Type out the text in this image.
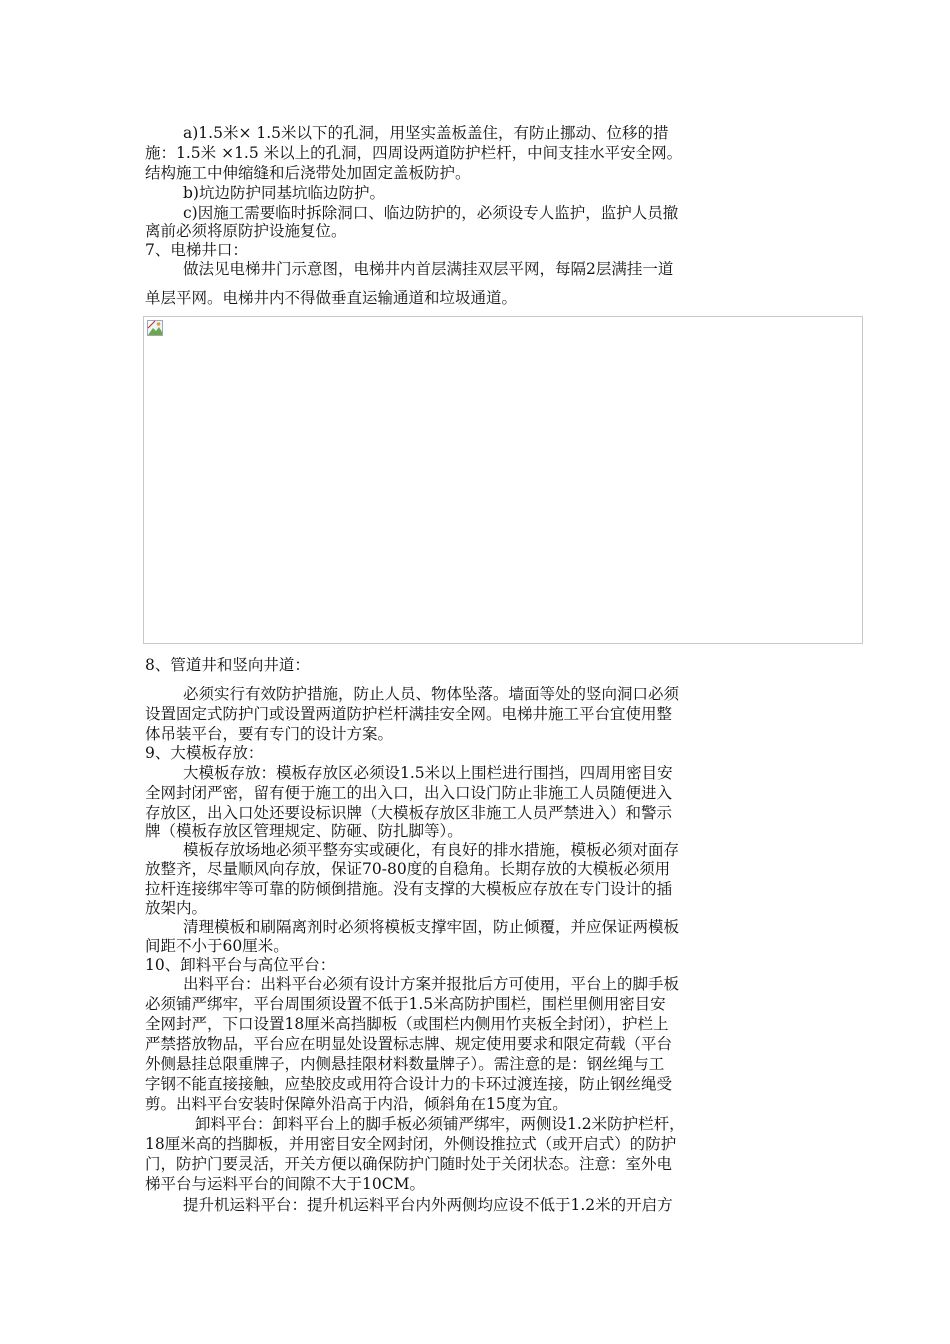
a)1.5米× 1.5米以下的孔洞，用坚实盖板盖住，有防止挪动、位移的措
施：1.5米 ×1.5 米以上的孔洞，四周设两道防护栏杆，中间支挂水平安全网。
结构施工中伸缩缝和后浇带处加固定盖板防护。
b)坑边防护同基坑临边防护。
c)因施工需要临时拆除洞口、临边防护的，必须设专人监护，监护人员撤
离前必须将原防护设施复位。
7、电梯井口：
做法见电梯井门示意图，电梯井内首层满挂双层平网，每隔2层满挂一道
单层平网。电梯井内不得做垂直运输通道和垃圾通道。
8、管道井和竖向井道：
必须实行有效防护措施，防止人员、物体坠落。墙面等处的竖向洞口必须
设置固定式防护门或设置两道防护栏杆满挂安全网。电梯井施工平台宜使用整
体吊装平台，要有专门的设计方案。
9、大模板存放：
大模板存放：模板存放区必须设1.5米以上围栏进行围挡，四周用密目安
全网封闭严密，留有便于施工的出入口，出入口设门防止非施工人员随便进入
存放区，出入口处还要设标识牌（大模板存放区非施工人员严禁进入）和警示
牌（模板存放区管理规定、防砸、防扎脚等）。
模板存放场地必须平整夯实或硬化，有良好的排水措施，模板必须对面存
放整齐，尽量顺风向存放，保证70-80度的自稳角。长期存放的大模板必须用
拉杆连接绑牢等可靠的防倾倒措施。没有支撑的大模板应存放在专门设计的插
放架内。
清理模板和刷隔离剂时必须将模板支撑牢固，防止倾覆，并应保证两模板
间距不小于60厘米。
10、卸料平台与高位平台：
出料平台：出料平台必须有设计方案并报批后方可使用，平台上的脚手板
必须铺严绑牢，平台周围须设置不低于1.5米高防护围栏，围栏里侧用密目安
全网封严，下口设置18厘米高挡脚板（或围栏内侧用竹夹板全封闭），护栏上
严禁搭放物品，平台应在明显处设置标志牌、规定使用要求和限定荷载（平台
外侧悬挂总限重牌子，内侧悬挂限材料数量牌子）。需注意的是：钢丝绳与工
字钢不能直接接触，应垫胶皮或用符合设计力的卡环过渡连接，防止钢丝绳受
剪。出料平台安装时保障外沿高于内沿，倾斜角在15度为宜。
卸料平台：卸料平台上的脚手板必须铺严绑牢，两侧设1.2米防护栏杆，
18厘米高的挡脚板，并用密目安全网封闭，外侧设推拉式（或开启式）的防护
门，防护门要灵活，开关方便以确保防护门随时处于关闭状态。注意：室外电
梯平台与运料平台的间隙不大于10CM。
提升机运料平台：提升机运料平台内外两侧均应设不低于1.2米的开启方
